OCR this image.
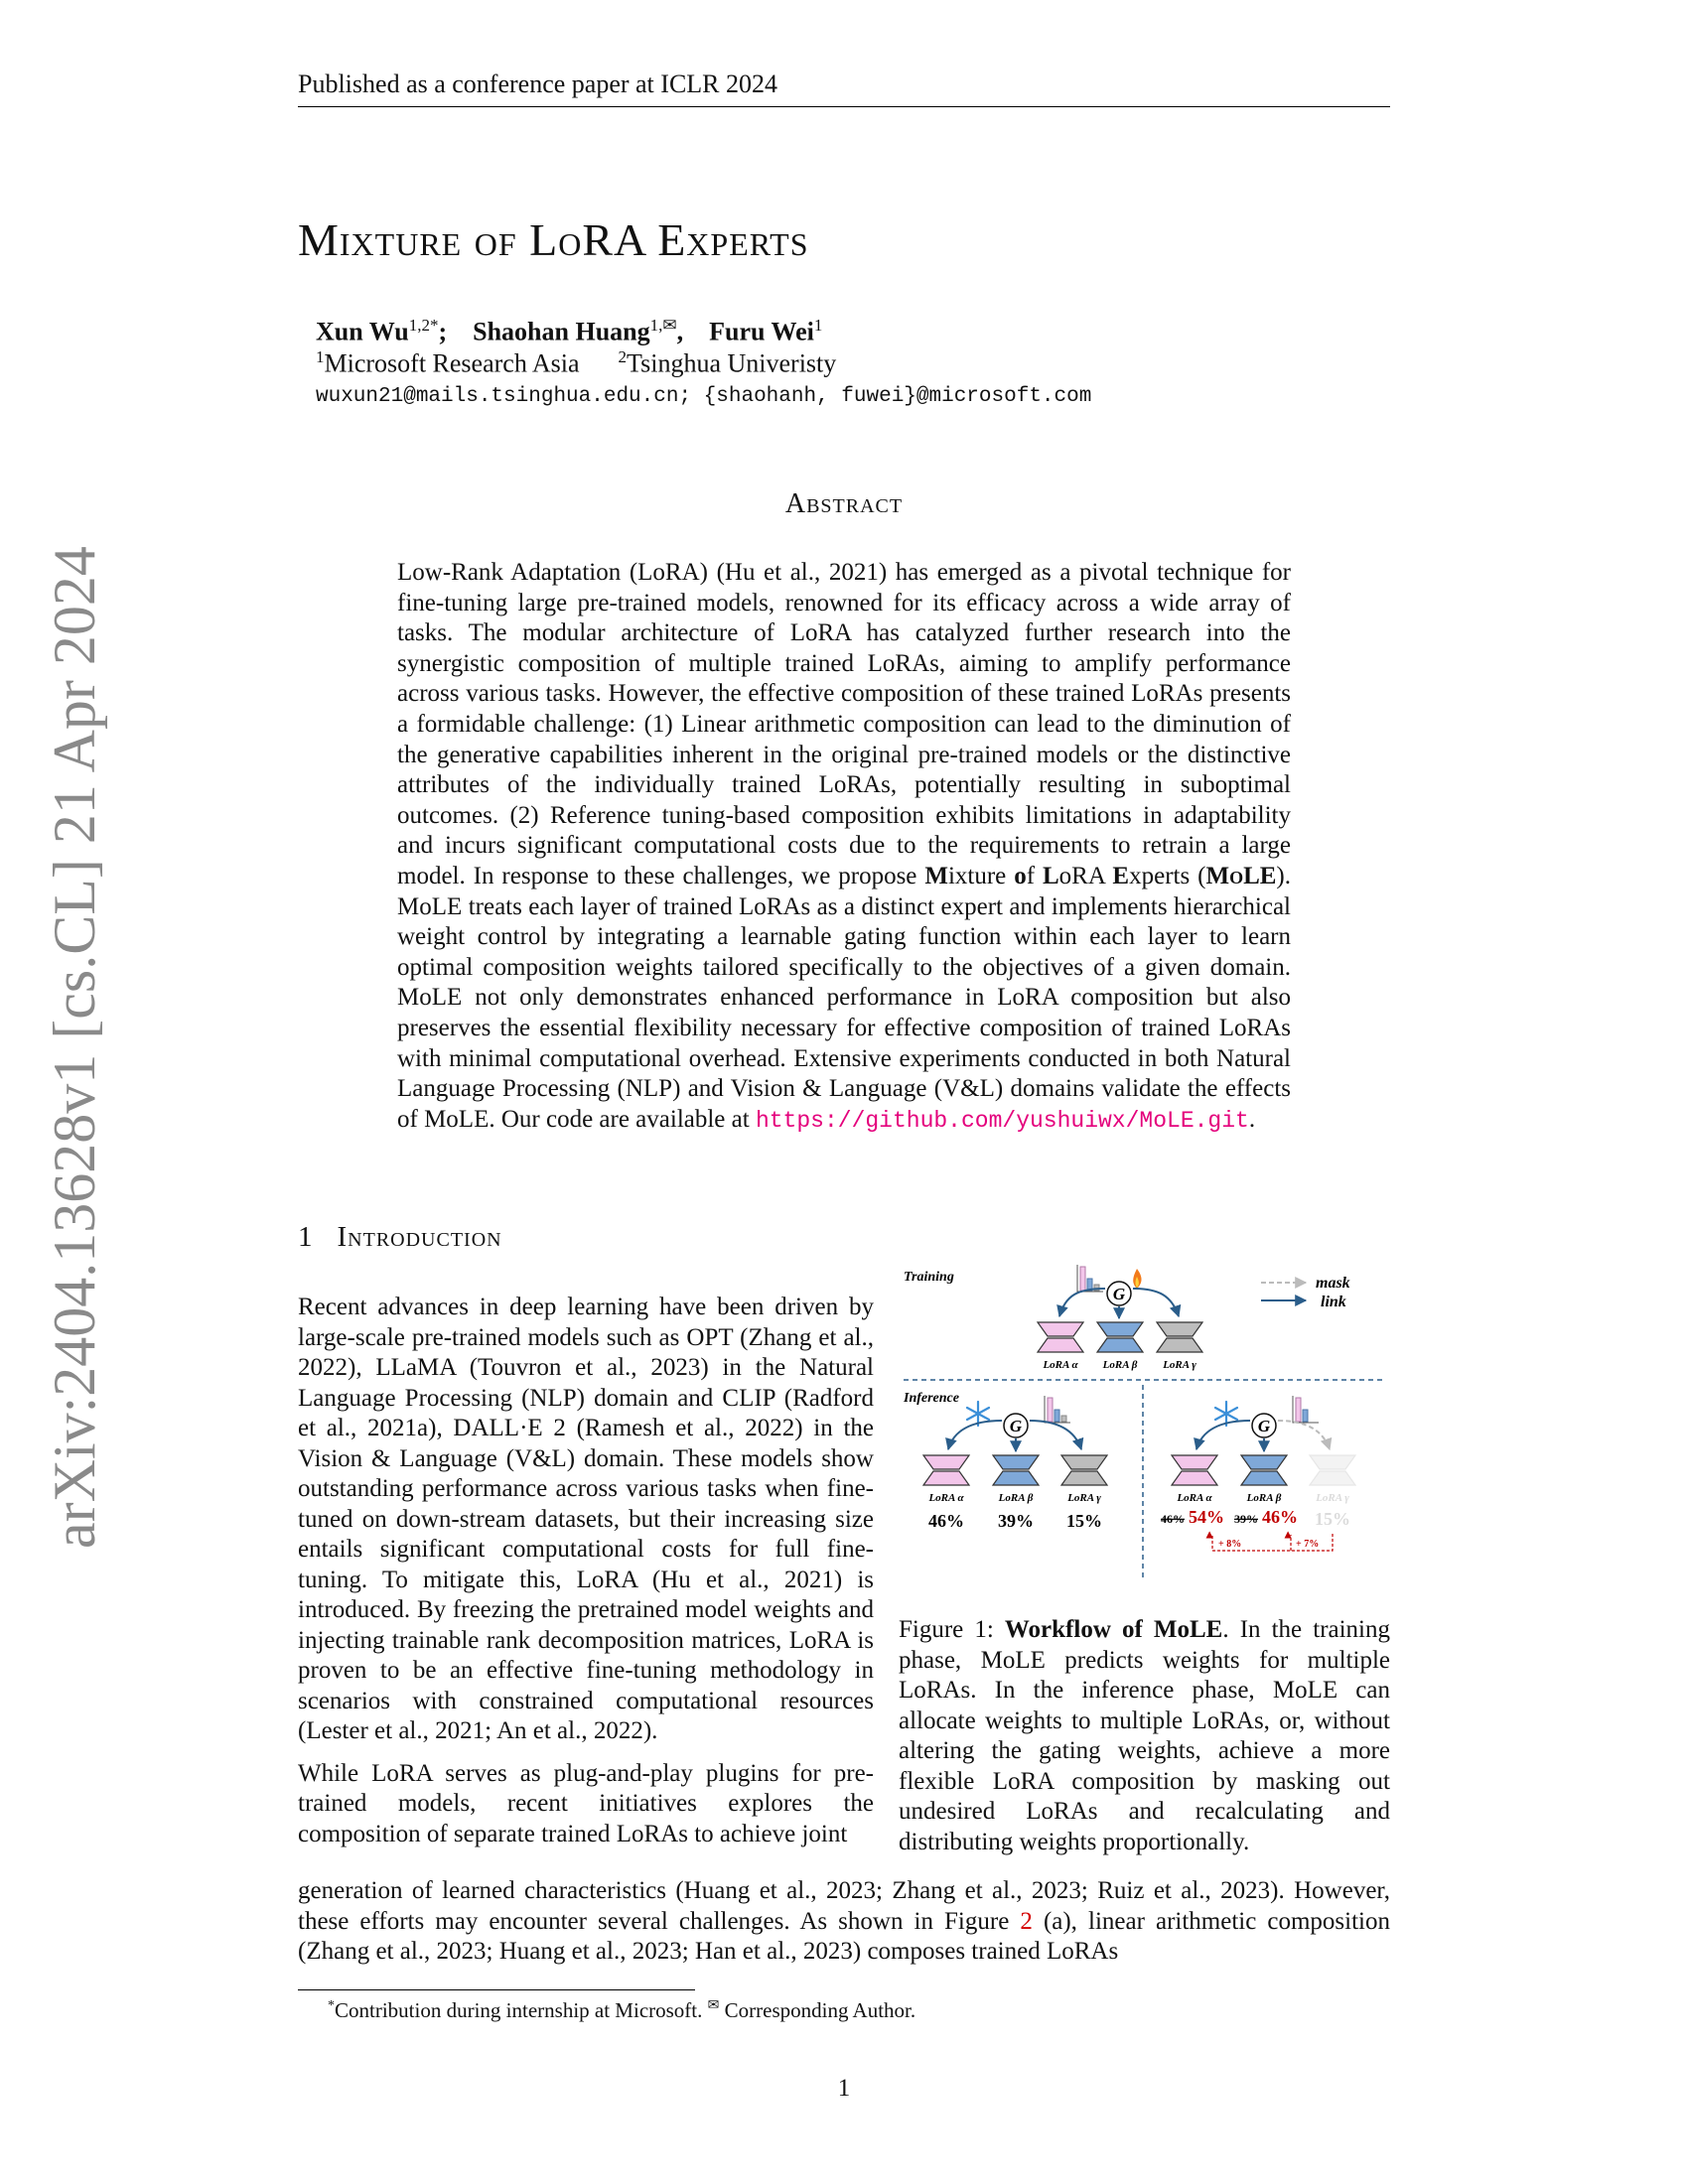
Published as a conference paper at ICLR 2024
arXiv:2404.13628v1 [cs.CL] 21 Apr 2024
Mixture of LoRA Experts
Xun $Wu^{1,2*}$;    Shaohan Huang$^{1,✉}$,    Furu Wei$^1$
$^1$Microsoft Research Asia $^2$Tsinghua Univeristy
wuxun21@mails.tsinghua.edu.cn; {shaohanh, fuwei}@microsoft.com
Abstract
Low-Rank Adaptation (LoRA) (Hu et al., 2021) has emerged as a pivotal technique for fine-tuning large pre-trained models, renowned for its efficacy across a wide array of tasks. The modular architecture of LoRA has catalyzed further research into the synergistic composition of multiple trained LoRAs, aiming to amplify performance across various tasks. However, the effective composition of these trained LoRAs presents a formidable challenge: (1) Linear arithmetic composition can lead to the diminution of the generative capabilities inherent in the original pre-trained models or the distinctive attributes of the individually trained LoRAs, potentially resulting in suboptimal outcomes. (2) Reference tuning-based composition exhibits limitations in adaptability and incurs significant computational costs due to the requirements to retrain a large model. In response to these challenges, we propose Mixture of LoRA Experts (MoLE). MoLE treats each layer of trained LoRAs as a distinct expert and implements hierarchical weight control by integrating a learnable gating function within each layer to learn optimal composition weights tailored specifically to the objectives of a given domain. MoLE not only demonstrates enhanced performance in LoRA composition but also preserves the essential flexibility necessary for effective composition of trained LoRAs with minimal computational overhead. Extensive experiments conducted in both Natural Language Processing (NLP) and Vision & Language (V&L) domains validate the effects of MoLE. Our code are available at https://github.com/yushuiwx/MoLE.git.
1 Introduction

Recent advances in deep learning have been driven by large-scale pre-trained models such as OPT (Zhang et al., 2022), LLaMA (Touvron et al., 2023) in the Natural Language Processing (NLP) domain and CLIP (Radford et al., 2021a), DALL·E 2 (Ramesh et al., 2022) in the Vision & Language (V&L) domain. These models show outstanding performance across various tasks when fine-tuned on down-stream datasets, but their increasing size entails significant computational costs for full fine-tuning. To mitigate this, LoRA (Hu et al., 2021) is introduced. By freezing the pretrained model weights and injecting trainable rank decomposition matrices, LoRA is proven to be an effective fine-tuning methodology in scenarios with constrained computational resources (Lester et al., 2021; An et al., 2022).

While LoRA serves as plug-and-play plugins for pre-trained models, recent initiatives explores the composition of separate trained LoRAs to achieve joint

generation of learned characteristics (Huang et al., 2023; Zhang et al., 2023; Ruiz et al., 2023). However, these efforts may encounter several challenges. As shown in Figure 2 (a), linear arithmetic composition (Zhang et al., 2023; Huang et al., 2023; Han et al., 2023) composes trained LoRAs
Training
G
LoRA α LoRA β LoRA γ
mask
link
Inference
G
LoRA α
46%
LoRA β
39%
LoRA γ
15%
G
LoRA α
46% 54%
LoRA β
39% 46%
LoRA γ
15%
+ 8%	+ 7%
Figure 1: Workflow of MoLE. In the training phase, MoLE predicts weights for multiple LoRAs. In the inference phase, MoLE can allocate weights to multiple LoRAs, or, without altering the gating weights, achieve a more flexible LoRA composition by masking out undesired LoRAs and recalculating and distributing weights proportionally.
*Contribution during internship at Microsoft. ✉ Corresponding Author.
1
